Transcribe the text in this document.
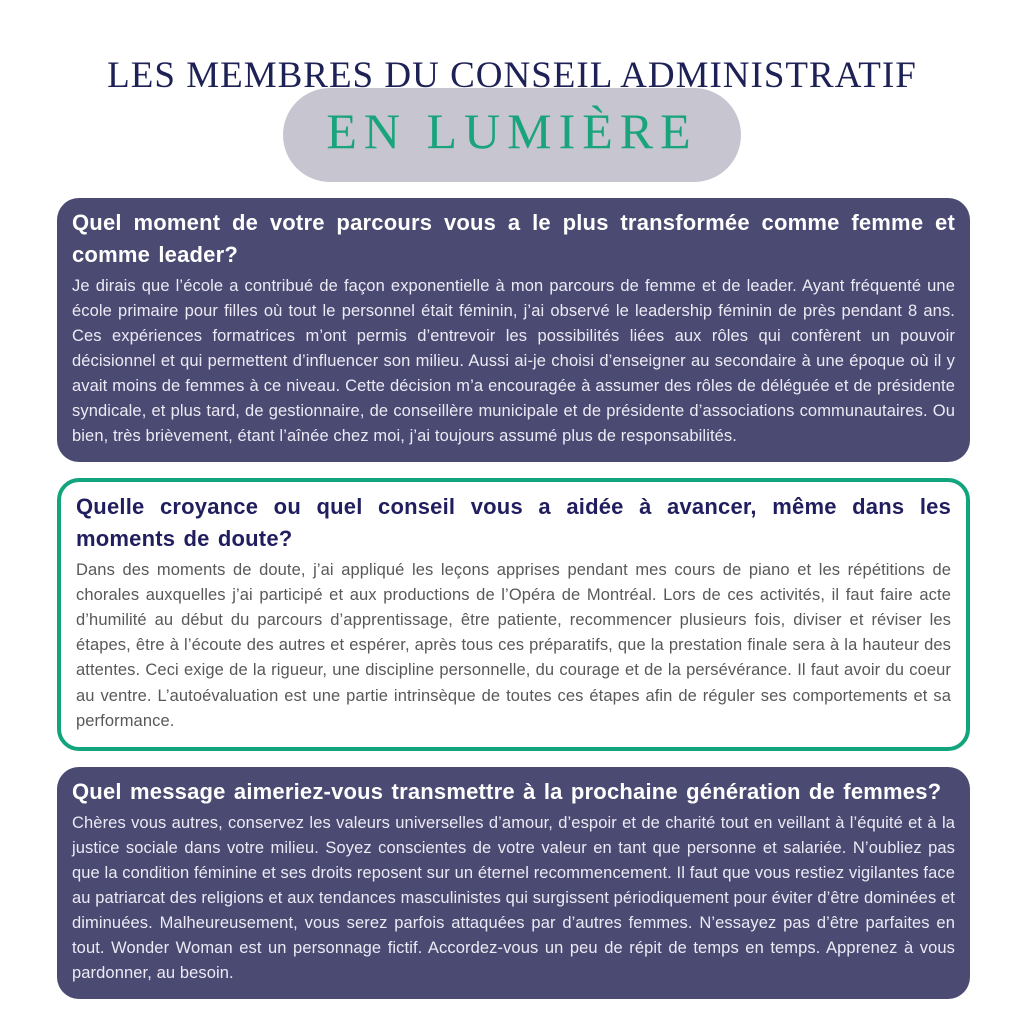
LES MEMBRES DU CONSEIL ADMINISTRATIF
EN LUMIÈRE
Quel moment de votre parcours vous a le plus transformée comme femme et comme leader?
Je dirais que l’école a contribué de façon exponentielle à mon parcours de femme et de leader. Ayant fréquenté une école primaire pour filles où tout le personnel était féminin, j’ai observé le leadership féminin de près pendant 8 ans. Ces expériences formatrices m’ont permis d’entrevoir les possibilités liées aux rôles qui confèrent un pouvoir décisionnel et qui permettent d’influencer son milieu. Aussi ai-je choisi d’enseigner au secondaire à une époque où il y avait moins de femmes à ce niveau. Cette décision m’a encouragée à assumer des rôles de déléguée et de présidente syndicale, et plus tard, de gestionnaire, de conseillère municipale et de présidente d’associations communautaires. Ou bien, très brièvement, étant l’aînée chez moi, j’ai toujours assumé plus de responsabilités.
Quelle croyance ou quel conseil vous a aidée à avancer, même dans les moments de doute?
Dans des moments de doute, j’ai appliqué les leçons apprises pendant mes cours de piano et les répétitions de chorales auxquelles j’ai participé et aux productions de l’Opéra de Montréal. Lors de ces activités, il faut faire acte d’humilité au début du parcours d’apprentissage, être patiente, recommencer plusieurs fois, diviser et réviser les étapes, être à l’écoute des autres et espérer, après tous ces préparatifs, que la prestation finale sera à la hauteur des attentes. Ceci exige de la rigueur, une discipline personnelle, du courage et de la persévérance. Il faut avoir du coeur au ventre. L’autoévaluation est une partie intrinsèque de toutes ces étapes afin de réguler ses comportements et sa performance.
Quel message aimeriez-vous transmettre à la prochaine génération de femmes?
Chères vous autres, conservez les valeurs universelles d’amour, d’espoir et de charité tout en veillant à l’équité et à la justice sociale dans votre milieu. Soyez conscientes de votre valeur en tant que personne et salariée. N’oubliez pas que la condition féminine et ses droits reposent sur un éternel recommencement. Il faut que vous restiez vigilantes face au patriarcat des religions et aux tendances masculinistes qui surgissent périodiquement pour éviter d’être dominées et diminuées. Malheureusement, vous serez parfois attaquées par d’autres femmes. N’essayez pas d’être parfaites en tout. Wonder Woman est un personnage fictif. Accordez-vous un peu de répit de temps en temps. Apprenez à vous pardonner, au besoin.
